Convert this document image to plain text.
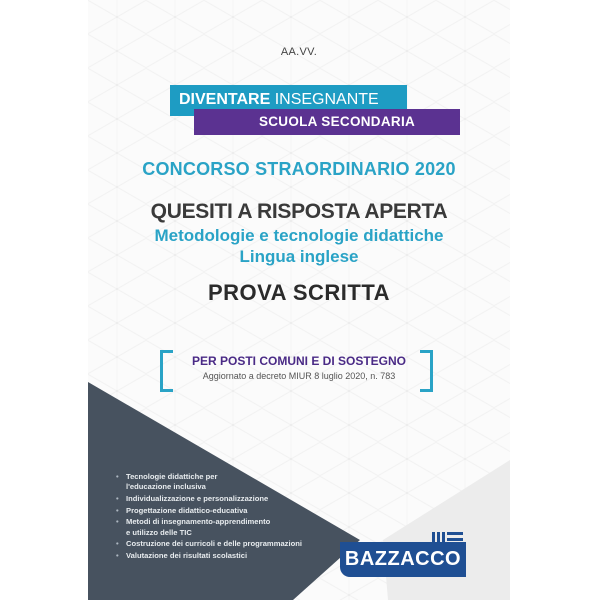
AA.VV.
DIVENTARE INSEGNANTE
SCUOLA SECONDARIA
CONCORSO STRAORDINARIO 2020
QUESITI A RISPOSTA APERTA
Metodologie e tecnologie didattiche
Lingua inglese
PROVA SCRITTA
PER POSTI COMUNI E DI SOSTEGNO
Aggiornato a decreto MIUR 8 luglio 2020, n. 783
• Tecnologie didattiche per
l'educazione inclusiva
• Individualizzazione e personalizzazione
• Progettazione didattico-educativa
• Metodi di insegnamento-apprendimento
e utilizzo delle TIC
• Costruzione dei curricoli e delle programmazioni
• Valutazione dei risultati scolastici	BAZZACCO
